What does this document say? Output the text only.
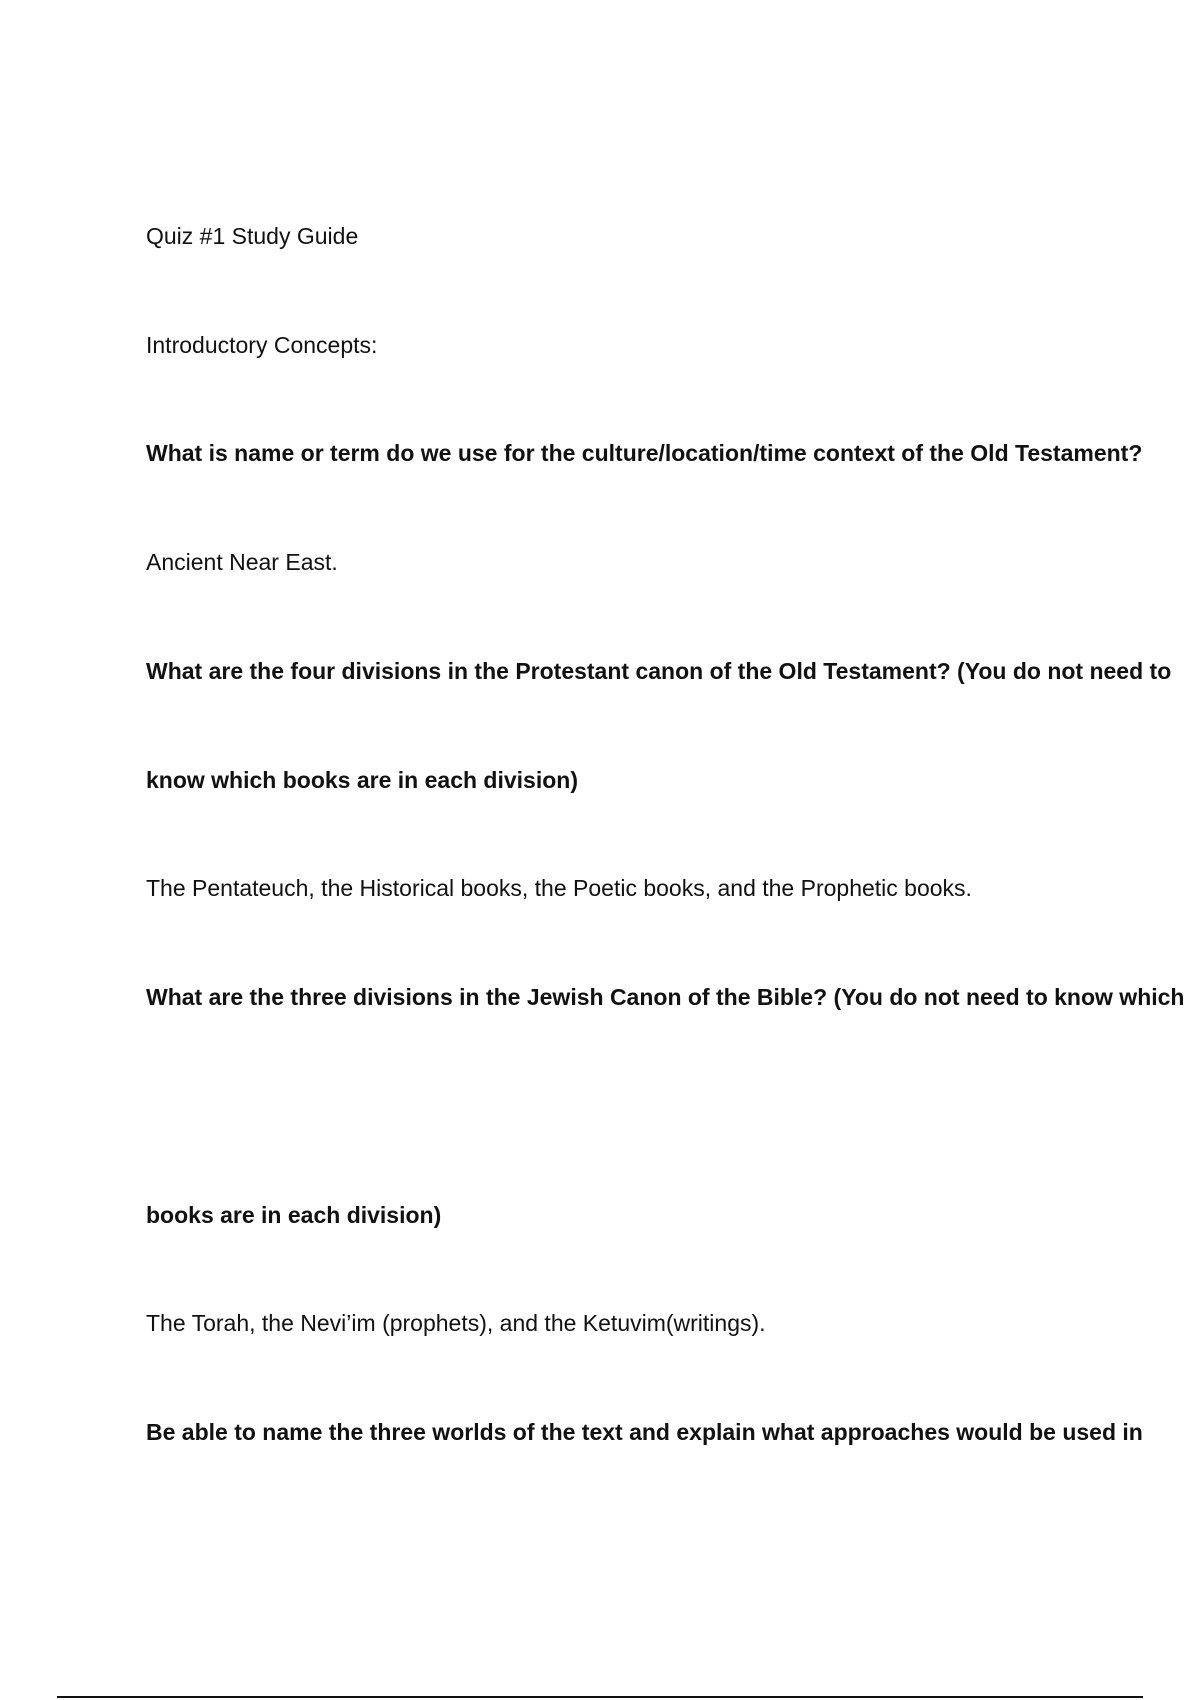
Quiz #1 Study Guide

Introductory Concepts:

What is name or term do we use for the culture/location/time context of the Old Testament?

Ancient Near East.

What are the four divisions in the Protestant canon of the Old Testament? (You do not need to

know which books are in each division)

The Pentateuch, the Historical books, the Poetic books, and the Prophetic books.

What are the three divisions in the Jewish Canon of the Bible? (You do not need to know which

books are in each division)

The Torah, the Nevi’im (prophets), and the Ketuvim(writings).

Be able to name the three worlds of the text and explain what approaches would be used in
